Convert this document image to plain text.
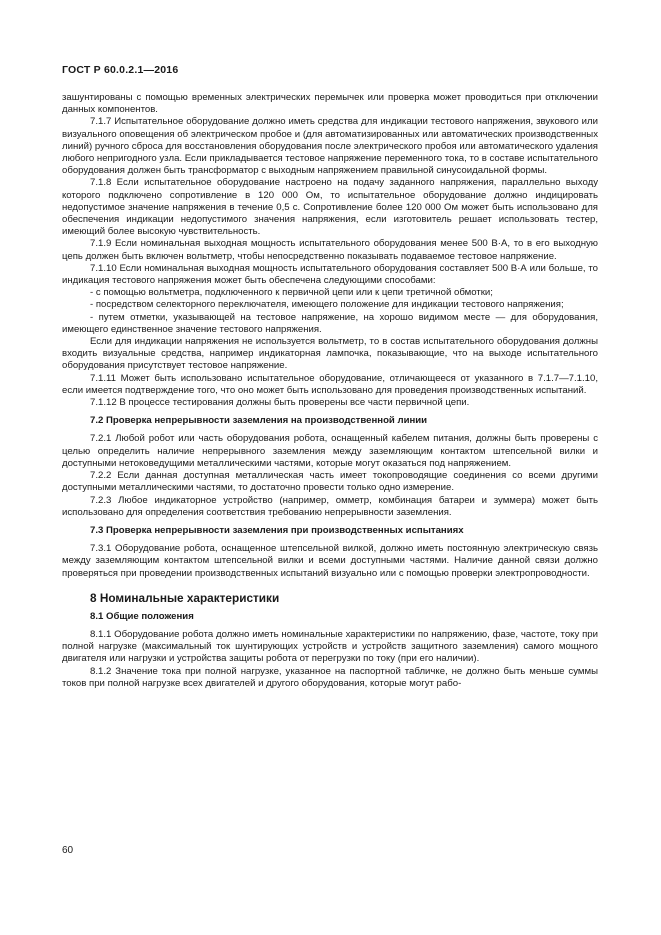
ГОСТ Р 60.0.2.1—2016

зашунтированы с помощью временных электрических перемычек или проверка может проводиться при отключении данных компонентов.

7.1.7 Испытательное оборудование должно иметь средства для индикации тестового напряжения, звукового или визуального оповещения об электрическом пробое и (для автоматизированных или автоматических производственных линий) ручного сброса для восстановления оборудования после электрического пробоя или автоматического удаления любого непригодного узла. Если прикладывается тестовое напряжение переменного тока, то в составе испытательного оборудования должен быть трансформатор с выходным напряжением правильной синусоидальной формы.

7.1.8 Если испытательное оборудование настроено на подачу заданного напряжения, параллельно выходу которого подключено сопротивление в 120 000 Ом, то испытательное оборудование должно индицировать недопустимое значение напряжения в течение 0,5 с. Сопротивление более 120 000 Ом может быть использовано для обеспечения индикации недопустимого значения напряжения, если изготовитель решает использовать тестер, имеющий более высокую чувствительность.

7.1.9 Если номинальная выходная мощность испытательного оборудования менее 500 В·А, то в его выходную цепь должен быть включен вольтметр, чтобы непосредственно показывать подаваемое тестовое напряжение.

7.1.10 Если номинальная выходная мощность испытательного оборудования составляет 500 В·А или больше, то индикация тестового напряжения может быть обеспечена следующими способами:

- с помощью вольтметра, подключенного к первичной цепи или к цепи третичной обмотки;

- посредством селекторного переключателя, имеющего положение для индикации тестового напряжения;

- путем отметки, указывающей на тестовое напряжение, на хорошо видимом месте — для оборудования, имеющего единственное значение тестового напряжения.

Если для индикации напряжения не используется вольтметр, то в состав испытательного оборудования должны входить визуальные средства, например индикаторная лампочка, показывающие, что на выходе испытательного оборудования присутствует тестовое напряжение.

7.1.11 Может быть использовано испытательное оборудование, отличающееся от указанного в 7.1.7—7.1.10, если имеется подтверждение того, что оно может быть использовано для проведения производственных испытаний.

7.1.12 В процессе тестирования должны быть проверены все части первичной цепи.

7.2 Проверка непрерывности заземления на производственной линии

7.2.1 Любой робот или часть оборудования робота, оснащенный кабелем питания, должны быть проверены с целью определить наличие непрерывного заземления между заземляющим контактом штепсельной вилки и доступными нетоковедущими металлическими частями, которые могут оказаться под напряжением.

7.2.2 Если данная доступная металлическая часть имеет токопроводящие соединения со всеми другими доступными металлическими частями, то достаточно провести только одно измерение.

7.2.3 Любое индикаторное устройство (например, омметр, комбинация батареи и зуммера) может быть использовано для определения соответствия требованию непрерывности заземления.

7.3 Проверка непрерывности заземления при производственных испытаниях

7.3.1 Оборудование робота, оснащенное штепсельной вилкой, должно иметь постоянную электрическую связь между заземляющим контактом штепсельной вилки и всеми доступными частями. Наличие данной связи должно проверяться при проведении производственных испытаний визуально или с помощью проверки электропроводности.

8 Номинальные характеристики

8.1 Общие положения

8.1.1 Оборудование робота должно иметь номинальные характеристики по напряжению, фазе, частоте, току при полной нагрузке (максимальный ток шунтирующих устройств и устройств защитного заземления) самого мощного двигателя или нагрузки и устройства защиты робота от перегрузки по току (при его наличии).

8.1.2 Значение тока при полной нагрузке, указанное на паспортной табличке, не должно быть меньше суммы токов при полной нагрузке всех двигателей и другого оборудования, которые могут рабо-

60
